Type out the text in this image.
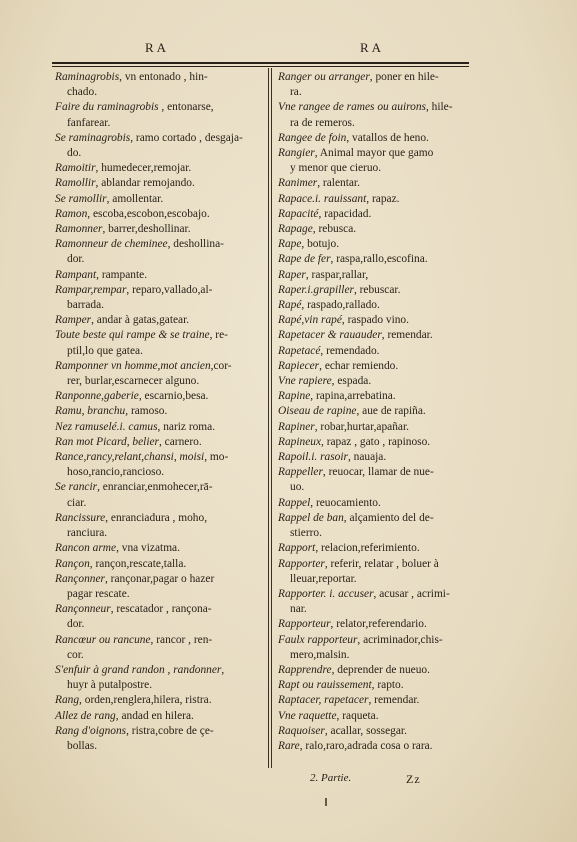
RA	RA
Raminagrobis, vn entonado , hin-
chado.
Faire du raminagrobis , entonarse,
fanfarear.
Se raminagrobis, ramo cortado , desgaja-
do.
Ramoitir, humedecer,remojar.
Ramollir, ablandar remojando.
Se ramollir, amollentar.
Ramon, escoba,escobon,escobajo.
Ramonner, barrer,deshollinar.
Ramonneur de cheminee, deshollina-
dor.
Rampant, rampante.
Rampar,rempar, reparo,vallado,al-
barrada.
Ramper, andar à gatas,gatear.
Toute beste qui rampe & se traine, re-
ptil,lo que gatea.
Ramponner vn homme,mot ancien,cor-
rer, burlar,escarnecer alguno.
Ranponne,gaberie, escarnio,besa.
Ramu, branchu, ramoso.
Nez ramuselé.i. camus, nariz roma.
Ran mot Picard, belier, carnero.
Rance,rancy,relant,chansi, moisi, mo-
hoso,rancio,ranciosо.
Se rancir, enranciar,enmohecer,rā-
ciar.
Rancissure, enranciadura , moho,
ranciura.
Rancon arme, vna vizatma.
Rançon, rançon,rescate,talla.
Rançonner, rançonar,pagar o hazer
pagar rescate.
Rançonneur, rescatador , rançona-
dor.
Rancœur ou rancune, rancor , ren-
cor.
S'enfuir à grand randon , randonner,
huyr à putalpostre.
Rang, orden,renglera,hilera, ristra.
Allez de rang, andad en hilera.
Rang d'oignons, ristra,cobre de çe-
bollas.
Ranger ou arranger, poner en hile-
ra.
Vne rangee de rames ou auirons, hile-
ra de remeros.
Rangee de foin, vatallos de heno.
Rangier, Animal mayor que gamo
y menor que cieruo.
Ranimer, ralentar.
Rapace.i. rauissant, rapaz.
Rapacité, rapacidad.
Rapage, rebusca.
Rape, botujo.
Rape de fer, raspa,rallo,escofina.
Raper, raspar,rallar,
Raper.i.grapiller, rebuscar.
Rapé, raspado,rallado.
Rapé,vin rapé, raspado vino.
Rapetacer & rauauder, remendar.
Rapetacé, remendado.
Rapiecer, echar remiendo.
Vne rapiere, espada.
Rapine, rapina,arrebatina.
Oiseau de rapine, aue de rapiña.
Rapiner, robar,hurtar,apañar.
Rapineux, rapaz , gato , rapinoso.
Rapoil.i. rasoir, nauaja.
Rappeller, reuocar, llamar de nue-
uo.
Rappel, reuocamiento.
Rappel de ban, alçamiento del de-
stierro.
Rapport, relacion,referimiento.
Rapporter, referir, relatar , boluer à
lleuar,reportar.
Rapporter. i. accuser, acusar , acrimi-
nar.
Rapporteur, relator,referendario.
Faulx rapporteur, acriminador,chis-
mero,malsin.
Rapprendre, deprender de nueuo.
Rapt ou rauissement, rapto.
Raptacer, rapetacer, remendar.
Vne raquette, raqueta.
Raquoiser, acallar, sossegar.
Rare, ralo,raro,adrada cosa o rara.
2. Partie.	Zz
